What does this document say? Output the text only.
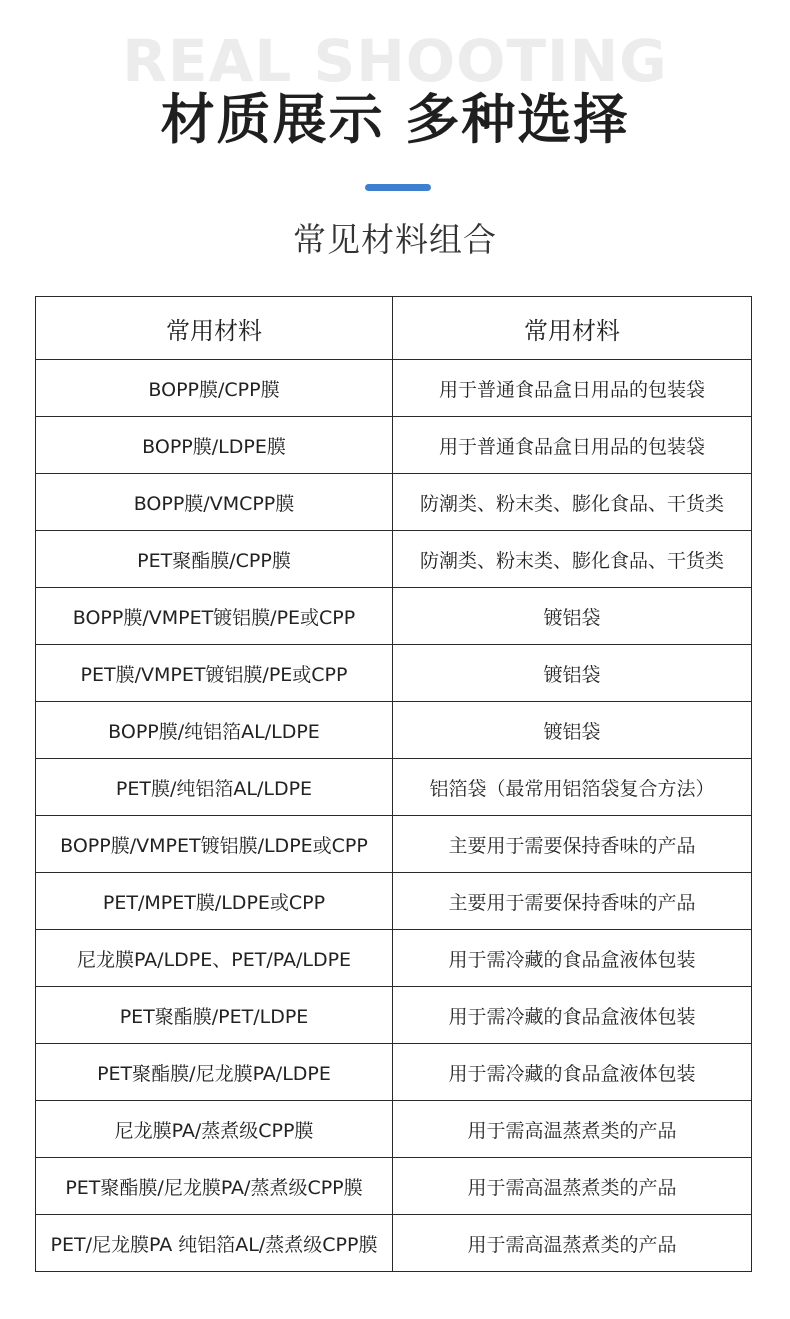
REAL SHOOTING
材质展示 多种选择
常见材料组合
常用材料	常用材料
BOPP膜/CPP膜	用于普通食品盒日用品的包装袋
BOPP膜/LDPE膜	用于普通食品盒日用品的包装袋
BOPP膜/VMCPP膜	防潮类、粉末类、膨化食品、干货类
PET聚酯膜/CPP膜	防潮类、粉末类、膨化食品、干货类
BOPP膜/VMPET镀铝膜/PE或CPP	镀铝袋
PET膜/VMPET镀铝膜/PE或CPP	镀铝袋
BOPP膜/纯铝箔AL/LDPE	镀铝袋
PET膜/纯铝箔AL/LDPE	铝箔袋（最常用铝箔袋复合方法）
BOPP膜/VMPET镀铝膜/LDPE或CPP	主要用于需要保持香味的产品
PET/MPET膜/LDPE或CPP	主要用于需要保持香味的产品
尼龙膜PA/LDPE、PET/PA/LDPE	用于需冷藏的食品盒液体包装
PET聚酯膜/PET/LDPE	用于需冷藏的食品盒液体包装
PET聚酯膜/尼龙膜PA/LDPE	用于需冷藏的食品盒液体包装
尼龙膜PA/蒸煮级CPP膜	用于需高温蒸煮类的产品
PET聚酯膜/尼龙膜PA/蒸煮级CPP膜	用于需高温蒸煮类的产品
PET/尼龙膜PA 纯铝箔AL/蒸煮级CPP膜	用于需高温蒸煮类的产品
